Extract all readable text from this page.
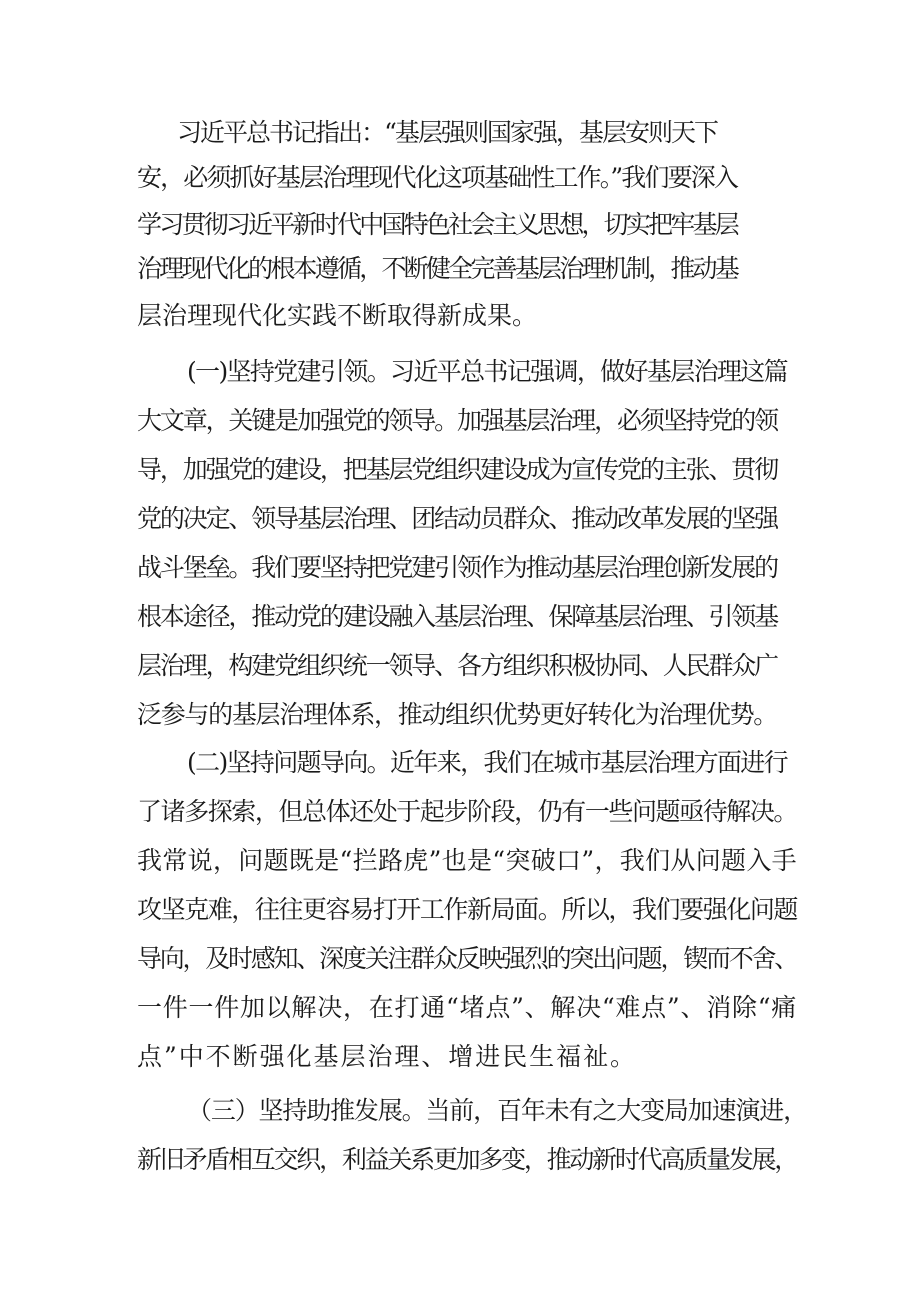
习近平总书记指出：“基层强则国家强，基层安则天下

安，必须抓好基层治理现代化这项基础性工作。”我们要深入

学习贯彻习近平新时代中国特色社会主义思想，切实把牢基层

治理现代化的根本遵循，不断健全完善基层治理机制，推动基

层治理现代化实践不断取得新成果。

(一)坚持党建引领。习近平总书记强调，做好基层治理这篇

大文章，关键是加强党的领导。加强基层治理，必须坚持党的领

导，加强党的建设，把基层党组织建设成为宣传党的主张、贯彻

党的决定、领导基层治理、团结动员群众、推动改革发展的坚强

战斗堡垒。我们要坚持把党建引领作为推动基层治理创新发展的

根本途径，推动党的建设融入基层治理、保障基层治理、引领基

层治理，构建党组织统一领导、各方组织积极协同、人民群众广

泛参与的基层治理体系，推动组织优势更好转化为治理优势。

(二)坚持问题导向。近年来，我们在城市基层治理方面进行

了诸多探索，但总体还处于起步阶段，仍有一些问题亟待解决。

我常说，问题既是“拦路虎”也是“突破口”，我们从问题入手

攻坚克难，往往更容易打开工作新局面。所以，我们要强化问题

导向，及时感知、深度关注群众反映强烈的突出问题，锲而不舍、

一件一件加以解决，在打通“堵点”、解决“难点”、消除“痛

点”中不断强化基层治理、增进民生福祉。

（三）坚持助推发展。当前，百年未有之大变局加速演进，

新旧矛盾相互交织，利益关系更加多变，推动新时代高质量发展，
